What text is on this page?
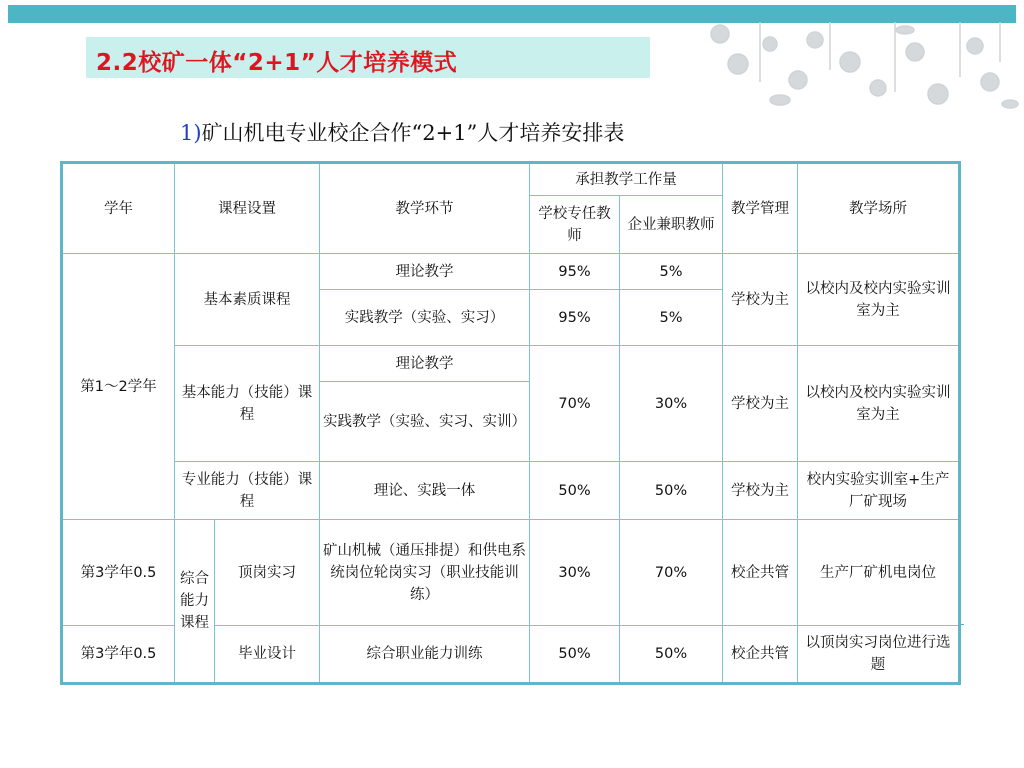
2.2校矿一体“2+1”人才培养模式
1)矿山机电专业校企合作“2+1”人才培养安排表
学年	课程设置		教学环节	承担教学工作量		教学管理	教学场所
				学校专任教师	企业兼职教师		
第1～2学年	基本素质课程		理论教学	95%	5%	学校为主	以校内及校内实验实训室为主
			实践教学（实验、实习）	95%	5%		
	基本能力（技能）课程		理论教学	70%	30%	学校为主	以校内及校内实验实训室为主
			实践教学（实验、实习、实训）				
	专业能力（技能）课程		理论、实践一体	50%	50%	学校为主	校内实验实训室+生产厂矿现场
第3学年0.5	综合能力课程	顶岗实习	矿山机械（通压排提）和供电系统岗位轮岗实习（职业技能训练）	30%	70%	校企共管	生产厂矿机电岗位
第3学年0.5		毕业设计	综合职业能力训练	50%	50%	校企共管	以顶岗实习岗位进行选题
